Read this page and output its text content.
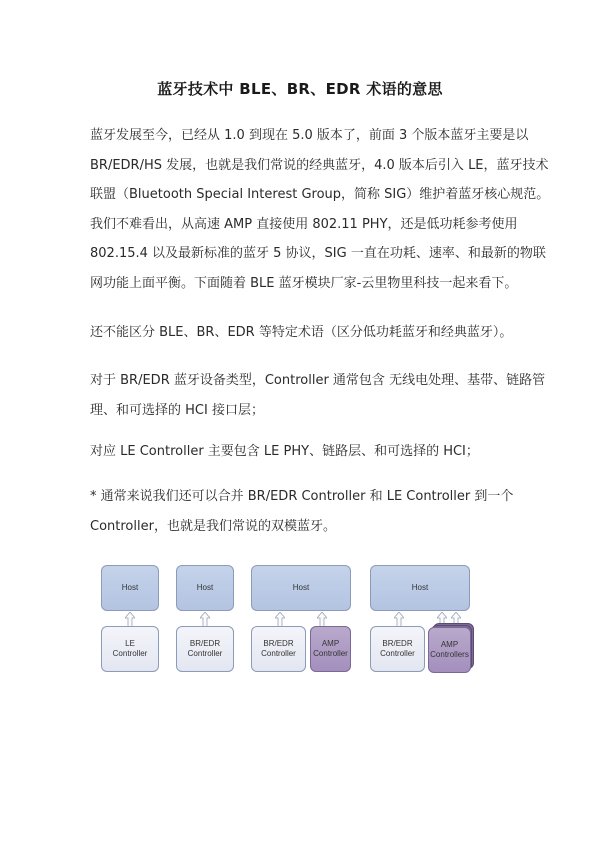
蓝牙技术中 BLE、BR、EDR 术语的意思
蓝牙发展至今，已经从 1.0 到现在 5.0 版本了，前面 3 个版本蓝牙主要是以
BR/EDR/HS 发展，也就是我们常说的经典蓝牙，4.0 版本后引入 LE，蓝牙技术
联盟（Bluetooth Special Interest Group，简称 SIG）维护着蓝牙核心规范。
我们不难看出，从高速 AMP 直接使用 802.11 PHY，还是低功耗参考使用
802.15.4 以及最新标准的蓝牙 5 协议，SIG 一直在功耗、速率、和最新的物联
网功能上面平衡。下面随着 BLE 蓝牙模块厂家-云里物里科技一起来看下。
还不能区分 BLE、BR、EDR 等特定术语（区分低功耗蓝牙和经典蓝牙）。
对于 BR/EDR 蓝牙设备类型，Controller 通常包含 无线电处理、基带、链路管
理、和可选择的 HCI 接口层；
对应 LE Controller 主要包含 LE PHY、链路层、和可选择的 HCI；
* 通常来说我们还可以合并 BR/EDR Controller 和 LE Controller 到一个
Controller，也就是我们常说的双模蓝牙。
Host
LE
Controller
Host
BR/EDR
Controller
Host
BR/EDR
Controller
AMP
Controller
Host
BR/EDR
Controller
AMP
Controllers
